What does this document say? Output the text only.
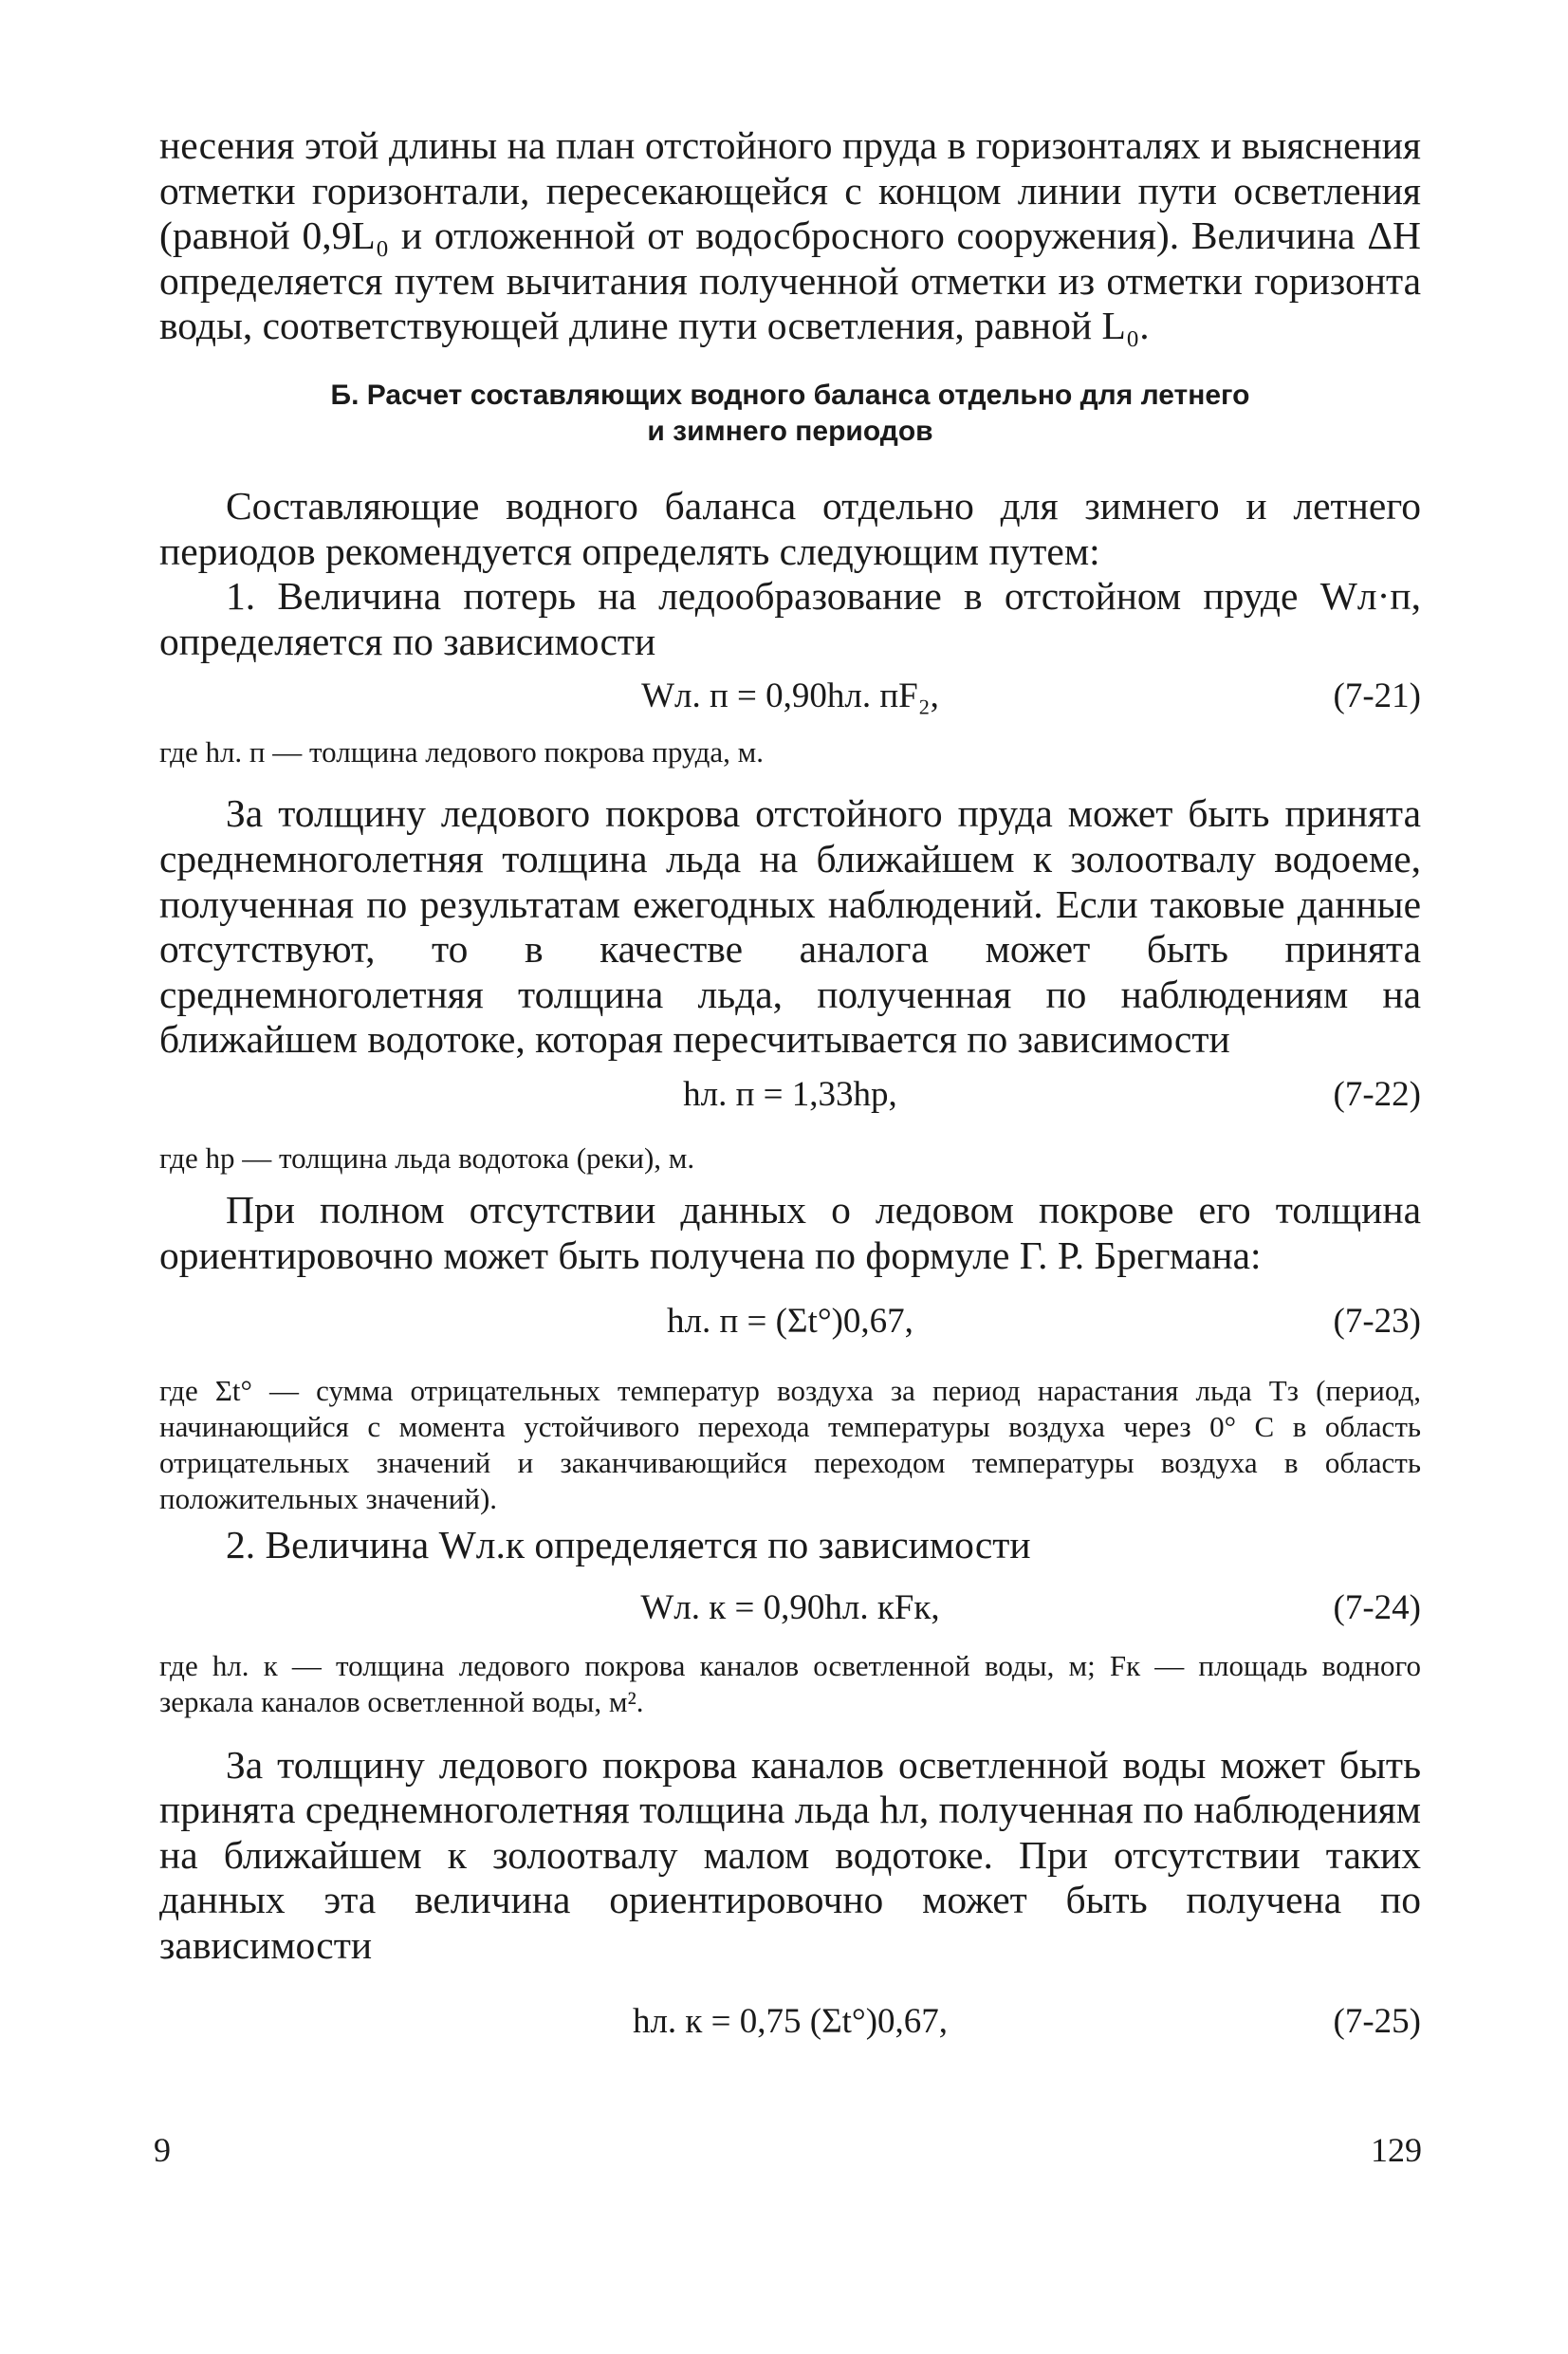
несения этой длины на план отстойного пруда в горизонталях и выяснения отметки горизонтали, пересекающейся с концом линии пути осветления (равной 0,9L₀ и отложенной от водосбросного сооружения). Величина ΔH определяется путем вычитания полученной отметки из отметки горизонта воды, соответствующей длине пути осветления, равной L₀.

Б. Расчет составляющих водного баланса отдельно для летнего
и зимнего периодов

Составляющие водного баланса отдельно для зимнего и летнего периодов рекомендуется определять следующим путем:

1. Величина потерь на ледообразование в отстойном пруде Wл·п, определяется по зависимости

Wл. п = 0,90hл. пF₂,	(7-21)

где hл. п — толщина ледового покрова пруда, м.

За толщину ледового покрова отстойного пруда может быть принята среднемноголетняя толщина льда на ближайшем к золоотвалу водоеме, полученная по результатам ежегодных наблюдений. Если таковые данные отсутствуют, то в качестве аналога может быть принята среднемноголетняя толщина льда, полученная по наблюдениям на ближайшем водотоке, которая пересчитывается по зависимости

hл. п = 1,33hр,	(7-22)

где hр — толщина льда водотока (реки), м.

При полном отсутствии данных о ледовом покрове его толщина ориентировочно может быть получена по формуле Г. Р. Брегмана:

hл. п = (Σt°)0,67,	(7-23)

где Σt° — сумма отрицательных температур воздуха за период нарастания льда Tз (период, начинающийся с момента устойчивого перехода температуры воздуха через 0° С в область отрицательных значений и заканчивающийся переходом температуры воздуха в область положительных значений).

2. Величина Wл.к определяется по зависимости

Wл. к = 0,90hл. кFк,	(7-24)

где hл. к — толщина ледового покрова каналов осветленной воды, м; Fк — площадь водного зеркала каналов осветленной воды, м².

За толщину ледового покрова каналов осветленной воды может быть принята среднемноголетняя толщина льда hл, полученная по наблюдениям на ближайшем к золоотвалу малом водотоке. При отсутствии таких данных эта величина ориентировочно может быть получена по зависимости

hл. к = 0,75 (Σt°)0,67,	(7-25)
9	129
